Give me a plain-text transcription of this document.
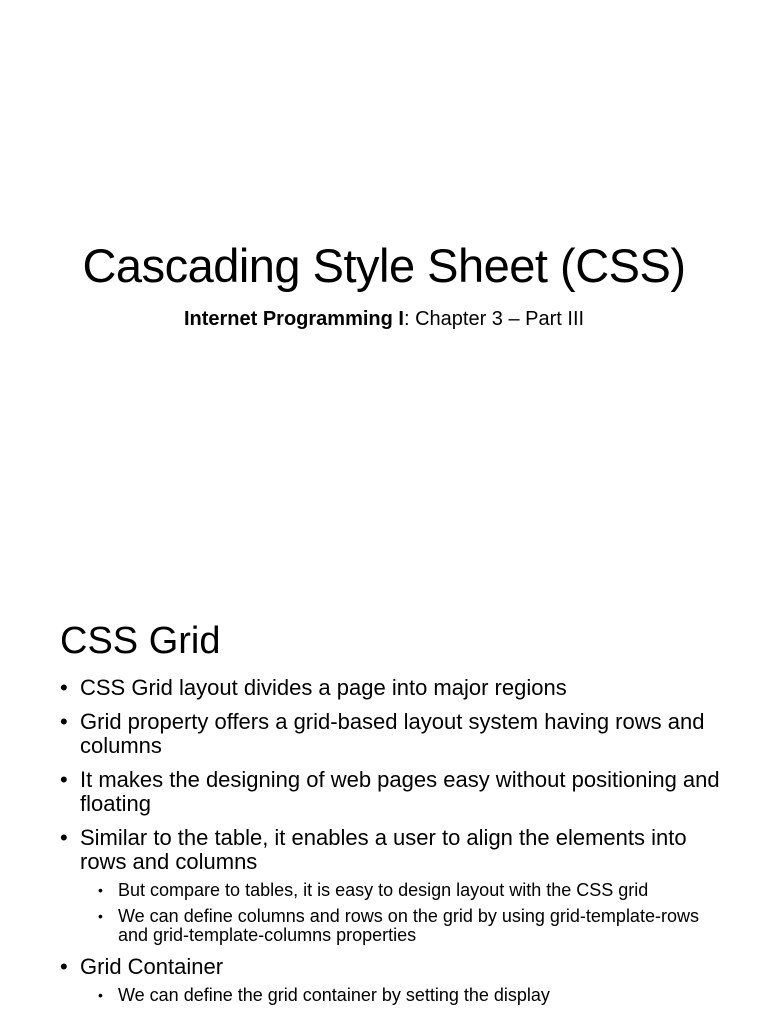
Cascading Style Sheet (CSS)
Internet Programming I: Chapter 3 – Part III
CSS Grid
• CSS Grid layout divides a page into major regions
• Grid property offers a grid-based layout system having rows and columns
• It makes the designing of web pages easy without positioning and floating
• Similar to the table, it enables a user to align the elements into rows and columns
• But compare to tables, it is easy to design layout with the CSS grid
• We can define columns and rows on the grid by using grid-template-rows and grid-template-columns properties
• Grid Container
• We can define the grid container by setting the display
